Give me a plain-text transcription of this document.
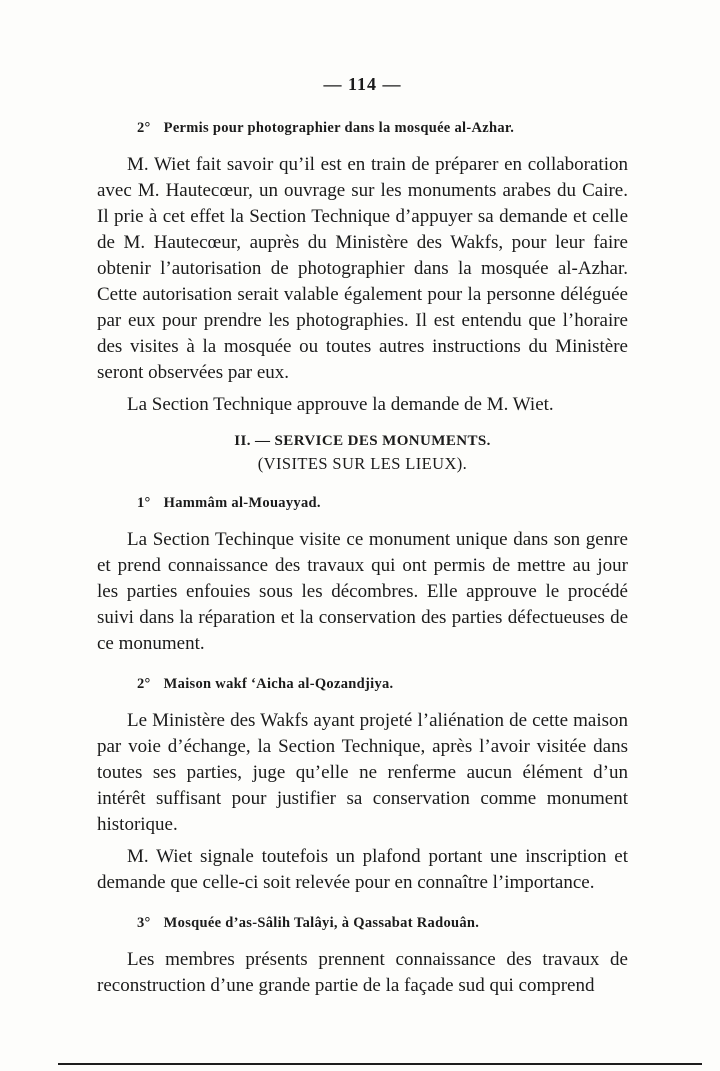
— 114 —
2° Permis pour photographier dans la mosquée al-Azhar.

M. Wiet fait savoir qu’il est en train de préparer en collaboration avec M. Hautecœur, un ouvrage sur les monuments arabes du Caire. Il prie à cet effet la Section Technique d’appuyer sa demande et celle de M. Hautecœur, auprès du Ministère des Wakfs, pour leur faire obtenir l’autorisation de photographier dans la mosquée al-Azhar. Cette autorisation serait valable également pour la personne déléguée par eux pour prendre les photographies. Il est entendu que l’horaire des visites à la mosquée ou toutes autres instructions du Ministère seront observées par eux.

La Section Technique approuve la demande de M. Wiet.

II. — SERVICE DES MONUMENTS.
(VISITES SUR LES LIEUX).
1° Hammâm al-Mouayyad.

La Section Techinque visite ce monument unique dans son genre et prend connaissance des travaux qui ont permis de mettre au jour les parties enfouies sous les décombres. Elle approuve le procédé suivi dans la réparation et la conservation des parties défectueuses de ce monument.

2° Maison wakf ‘Aicha al-Qozandjiya.

Le Ministère des Wakfs ayant projeté l’aliénation de cette maison par voie d’échange, la Section Technique, après l’avoir visitée dans toutes ses parties, juge qu’elle ne renferme aucun élément d’un intérêt suffisant pour justifier sa conservation comme monument historique.

M. Wiet signale toutefois un plafond portant une inscription et demande que celle-ci soit relevée pour en connaître l’importance.

3° Mosquée d’as-Sâlih Talâyi, à Qassabat Radouân.

Les membres présents prennent connaissance des travaux de reconstruction d’une grande partie de la façade sud qui comprend
